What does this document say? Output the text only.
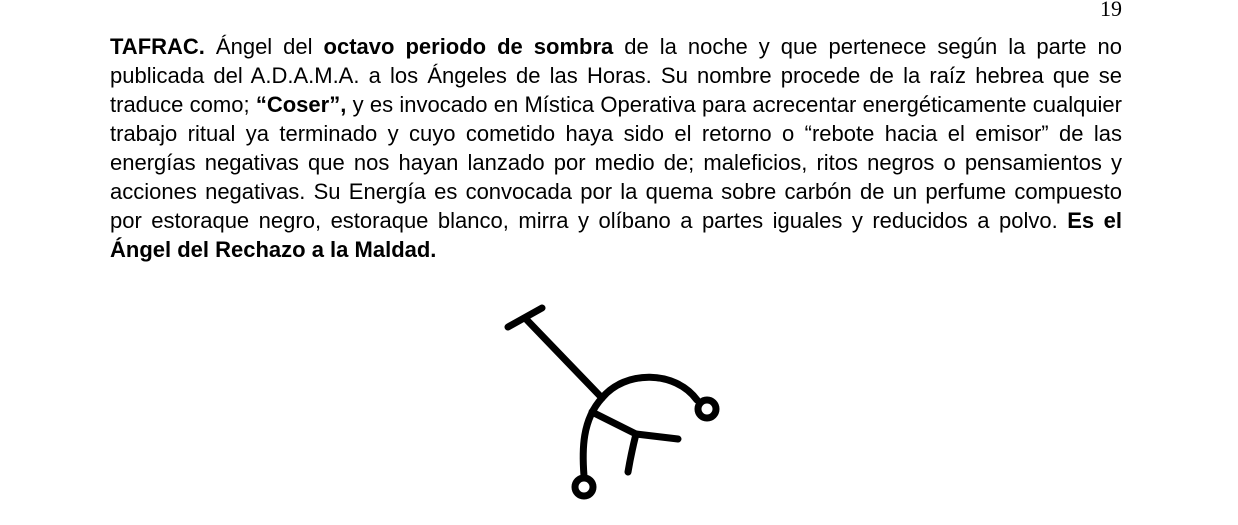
19

TAFRAC. Ángel del octavo periodo de sombra de la noche y que pertenece según la parte no publicada del A.D.A.M.A. a los Ángeles de las Horas. Su nombre procede de la raíz hebrea que se traduce como; “Coser”, y es invocado en Mística Operativa para acrecentar energéticamente cualquier trabajo ritual ya terminado y cuyo cometido haya sido el retorno o “rebote hacia el emisor” de las energías negativas que nos hayan lanzado por medio de; maleficios, ritos negros o pensamientos y acciones negativas. Su Energía es convocada por la quema sobre carbón de un perfume compuesto por estoraque negro, estoraque blanco, mirra y olíbano a partes iguales y reducidos a polvo. Es el Ángel del Rechazo a la Maldad.
